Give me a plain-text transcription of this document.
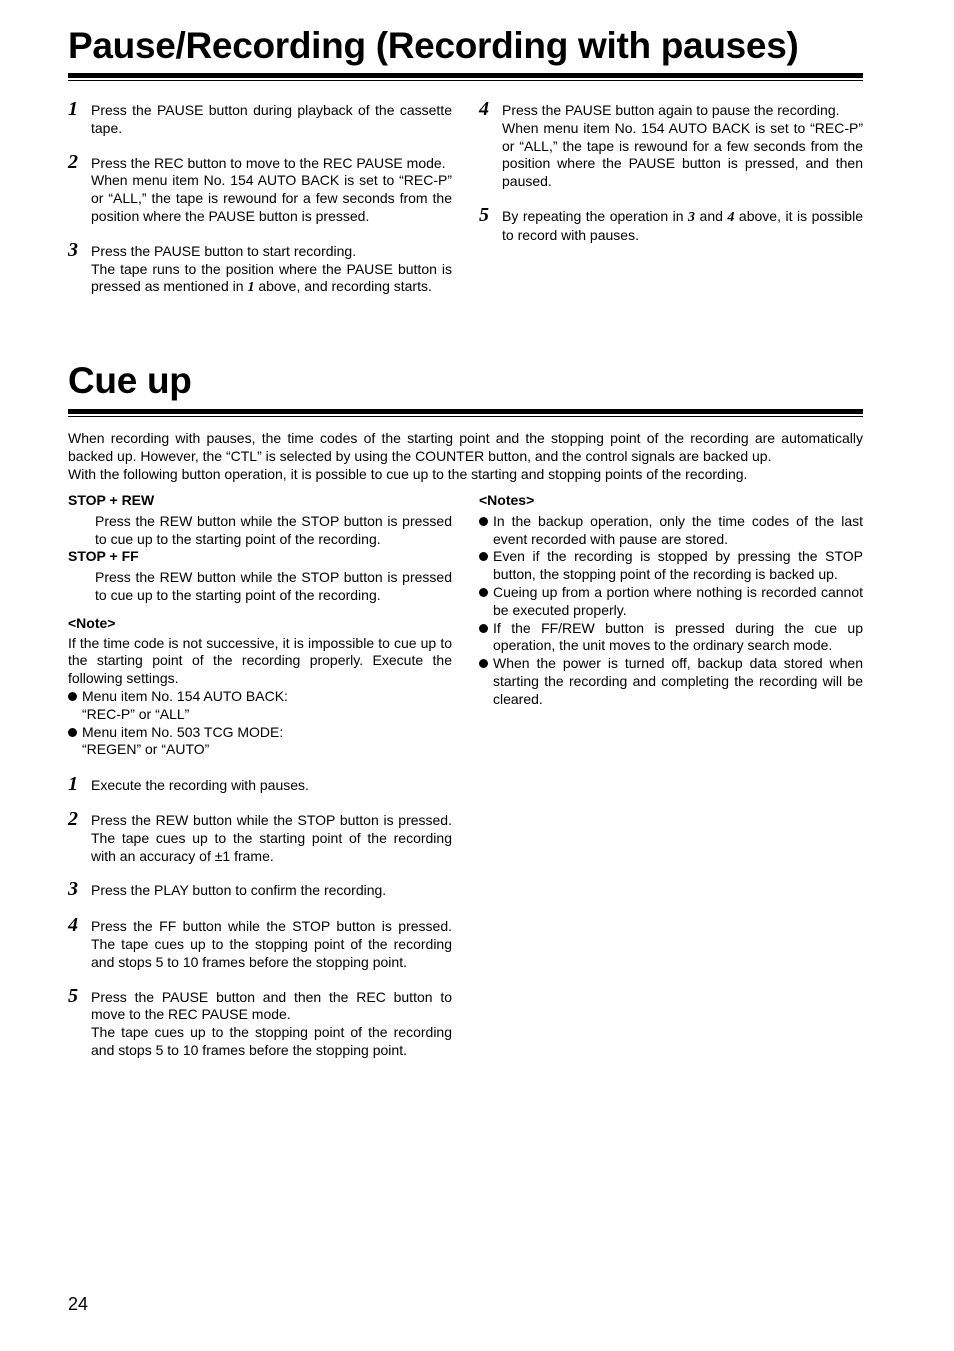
Pause/Recording (Recording with pauses)
1 Press the PAUSE button during playback of the cassette tape.

2 Press the REC button to move to the REC PAUSE mode.

When menu item No. 154 AUTO BACK is set to “REC-P” or “ALL,” the tape is rewound for a few seconds from the position where the PAUSE button is pressed.

3 Press the PAUSE button to start recording.

The tape runs to the position where the PAUSE button is pressed as mentioned in 1 above, and recording starts.

4 Press the PAUSE button again to pause the recording.

When menu item No. 154 AUTO BACK is set to “REC-P” or “ALL,” the tape is rewound for a few seconds from the position where the PAUSE button is pressed, and then paused.

5 By repeating the operation in 3 and 4 above, it is possible to record with pauses.

Cue up

When recording with pauses, the time codes of the starting point and the stopping point of the recording are automatically backed up. However, the “CTL” is selected by using the COUNTER button, and the control signals are backed up.

With the following button operation, it is possible to cue up to the starting and stopping points of the recording.

STOP + REW

Press the REW button while the STOP button is pressed to cue up to the starting point of the recording.

STOP + FF

Press the REW button while the STOP button is pressed to cue up to the starting point of the recording.

<Note>

If the time code is not successive, it is impossible to cue up to the starting point of the recording properly. Execute the following settings.

Menu item No. 154 AUTO BACK:

“REC-P” or “ALL”

Menu item No. 503 TCG MODE:

“REGEN” or “AUTO”

1 Execute the recording with pauses.

2 Press the REW button while the STOP button is pressed. The tape cues up to the starting point of the recording with an accuracy of ±1 frame.

3 Press the PLAY button to confirm the recording.

4 Press the FF button while the STOP button is pressed. The tape cues up to the stopping point of the recording and stops 5 to 10 frames before the stopping point.

5 Press the PAUSE button and then the REC button to move to the REC PAUSE mode.

The tape cues up to the stopping point of the recording and stops 5 to 10 frames before the stopping point.

<Notes>

In the backup operation, only the time codes of the last event recorded with pause are stored.

Even if the recording is stopped by pressing the STOP button, the stopping point of the recording is backed up.

Cueing up from a portion where nothing is recorded cannot be executed properly.

If the FF/REW button is pressed during the cue up operation, the unit moves to the ordinary search mode.

When the power is turned off, backup data stored when starting the recording and completing the recording will be cleared.

24
